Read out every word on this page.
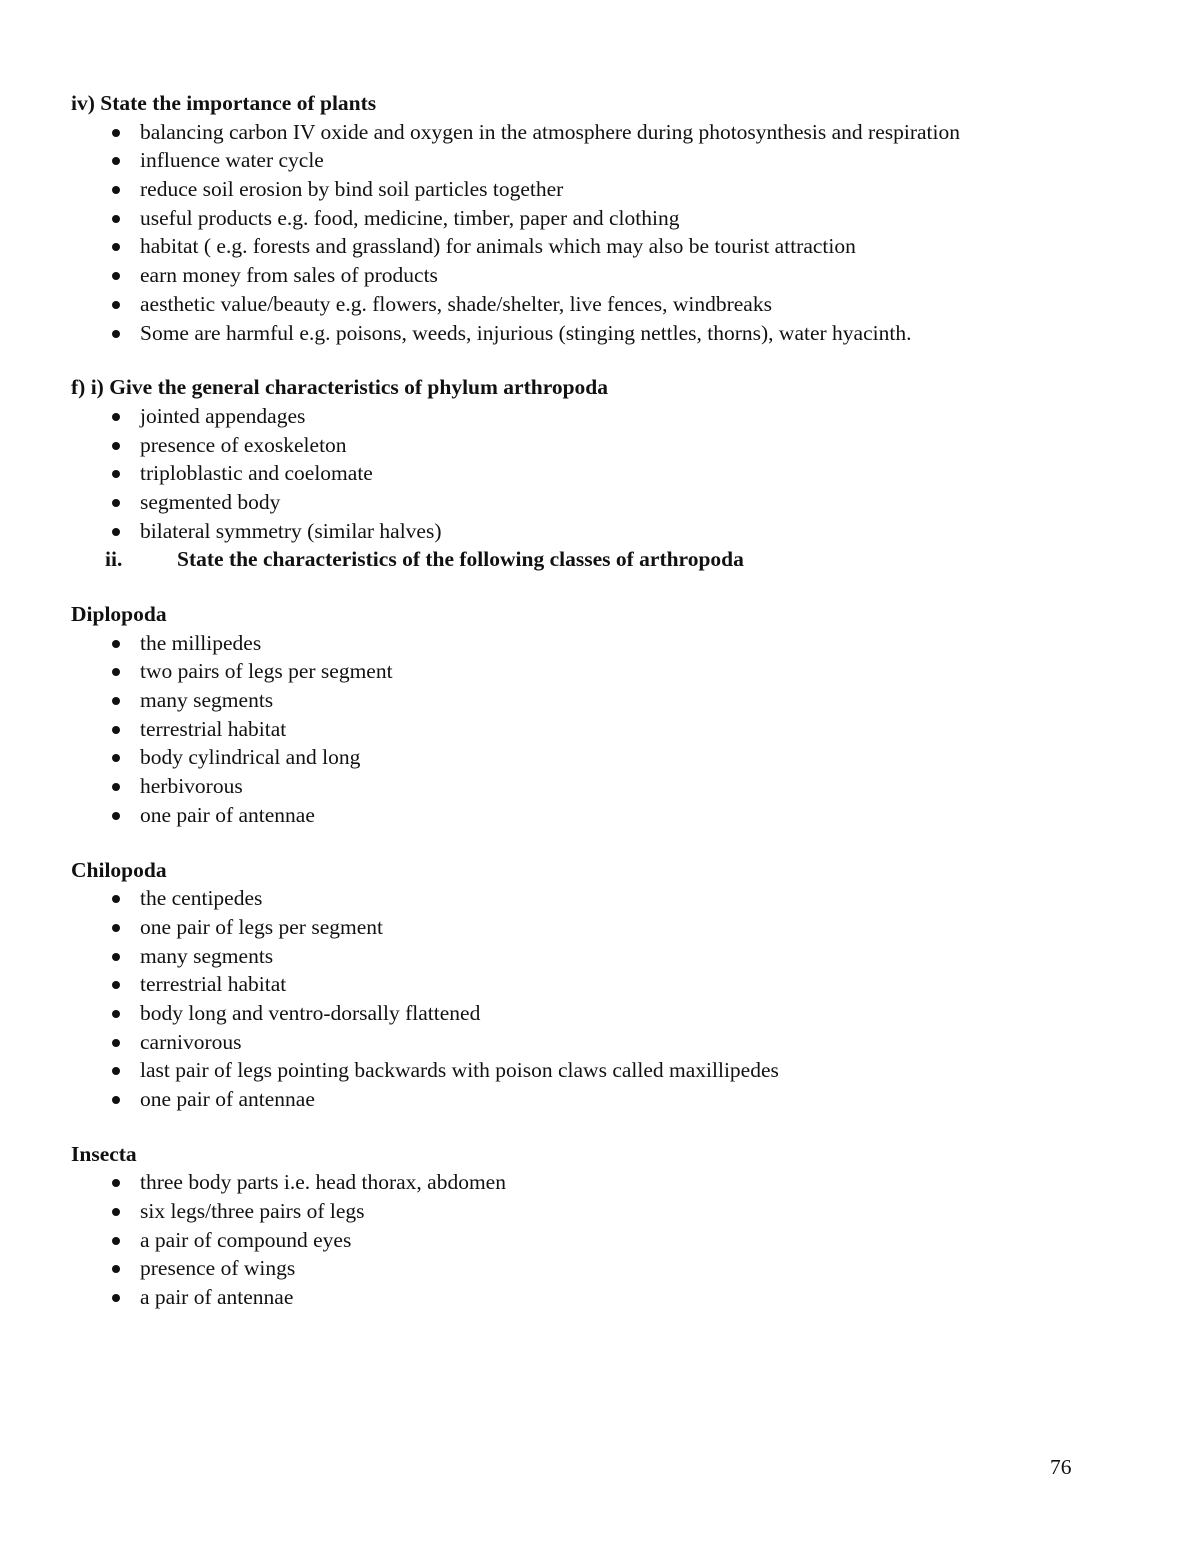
iv) State the importance of plants

balancing carbon IV oxide and oxygen in the atmosphere during photosynthesis and respiration
influence water cycle
reduce soil erosion by bind soil particles together
useful products e.g. food, medicine, timber, paper and clothing
habitat ( e.g. forests and grassland) for animals which may also be tourist attraction
earn money from sales of products
aesthetic value/beauty e.g. flowers, shade/shelter, live fences, windbreaks
Some are harmful e.g. poisons, weeds, injurious (stinging nettles, thorns), water hyacinth.

f) i) Give the general characteristics of phylum arthropoda

jointed appendages
presence of exoskeleton
triploblastic and coelomate
segmented body
bilateral symmetry (similar halves)

ii.	State the characteristics of the following classes of arthropoda

Diplopoda

the millipedes
two pairs of legs per segment
many segments
terrestrial habitat
body cylindrical and long
herbivorous
one pair of antennae

Chilopoda

the centipedes
one pair of legs per segment
many segments
terrestrial habitat
body long and ventro-dorsally flattened
carnivorous
last pair of legs pointing backwards with poison claws called maxillipedes
one pair of antennae

Insecta

three body parts i.e. head thorax, abdomen
six legs/three pairs of legs
a pair of compound eyes
presence of wings
a pair of antennae
76
